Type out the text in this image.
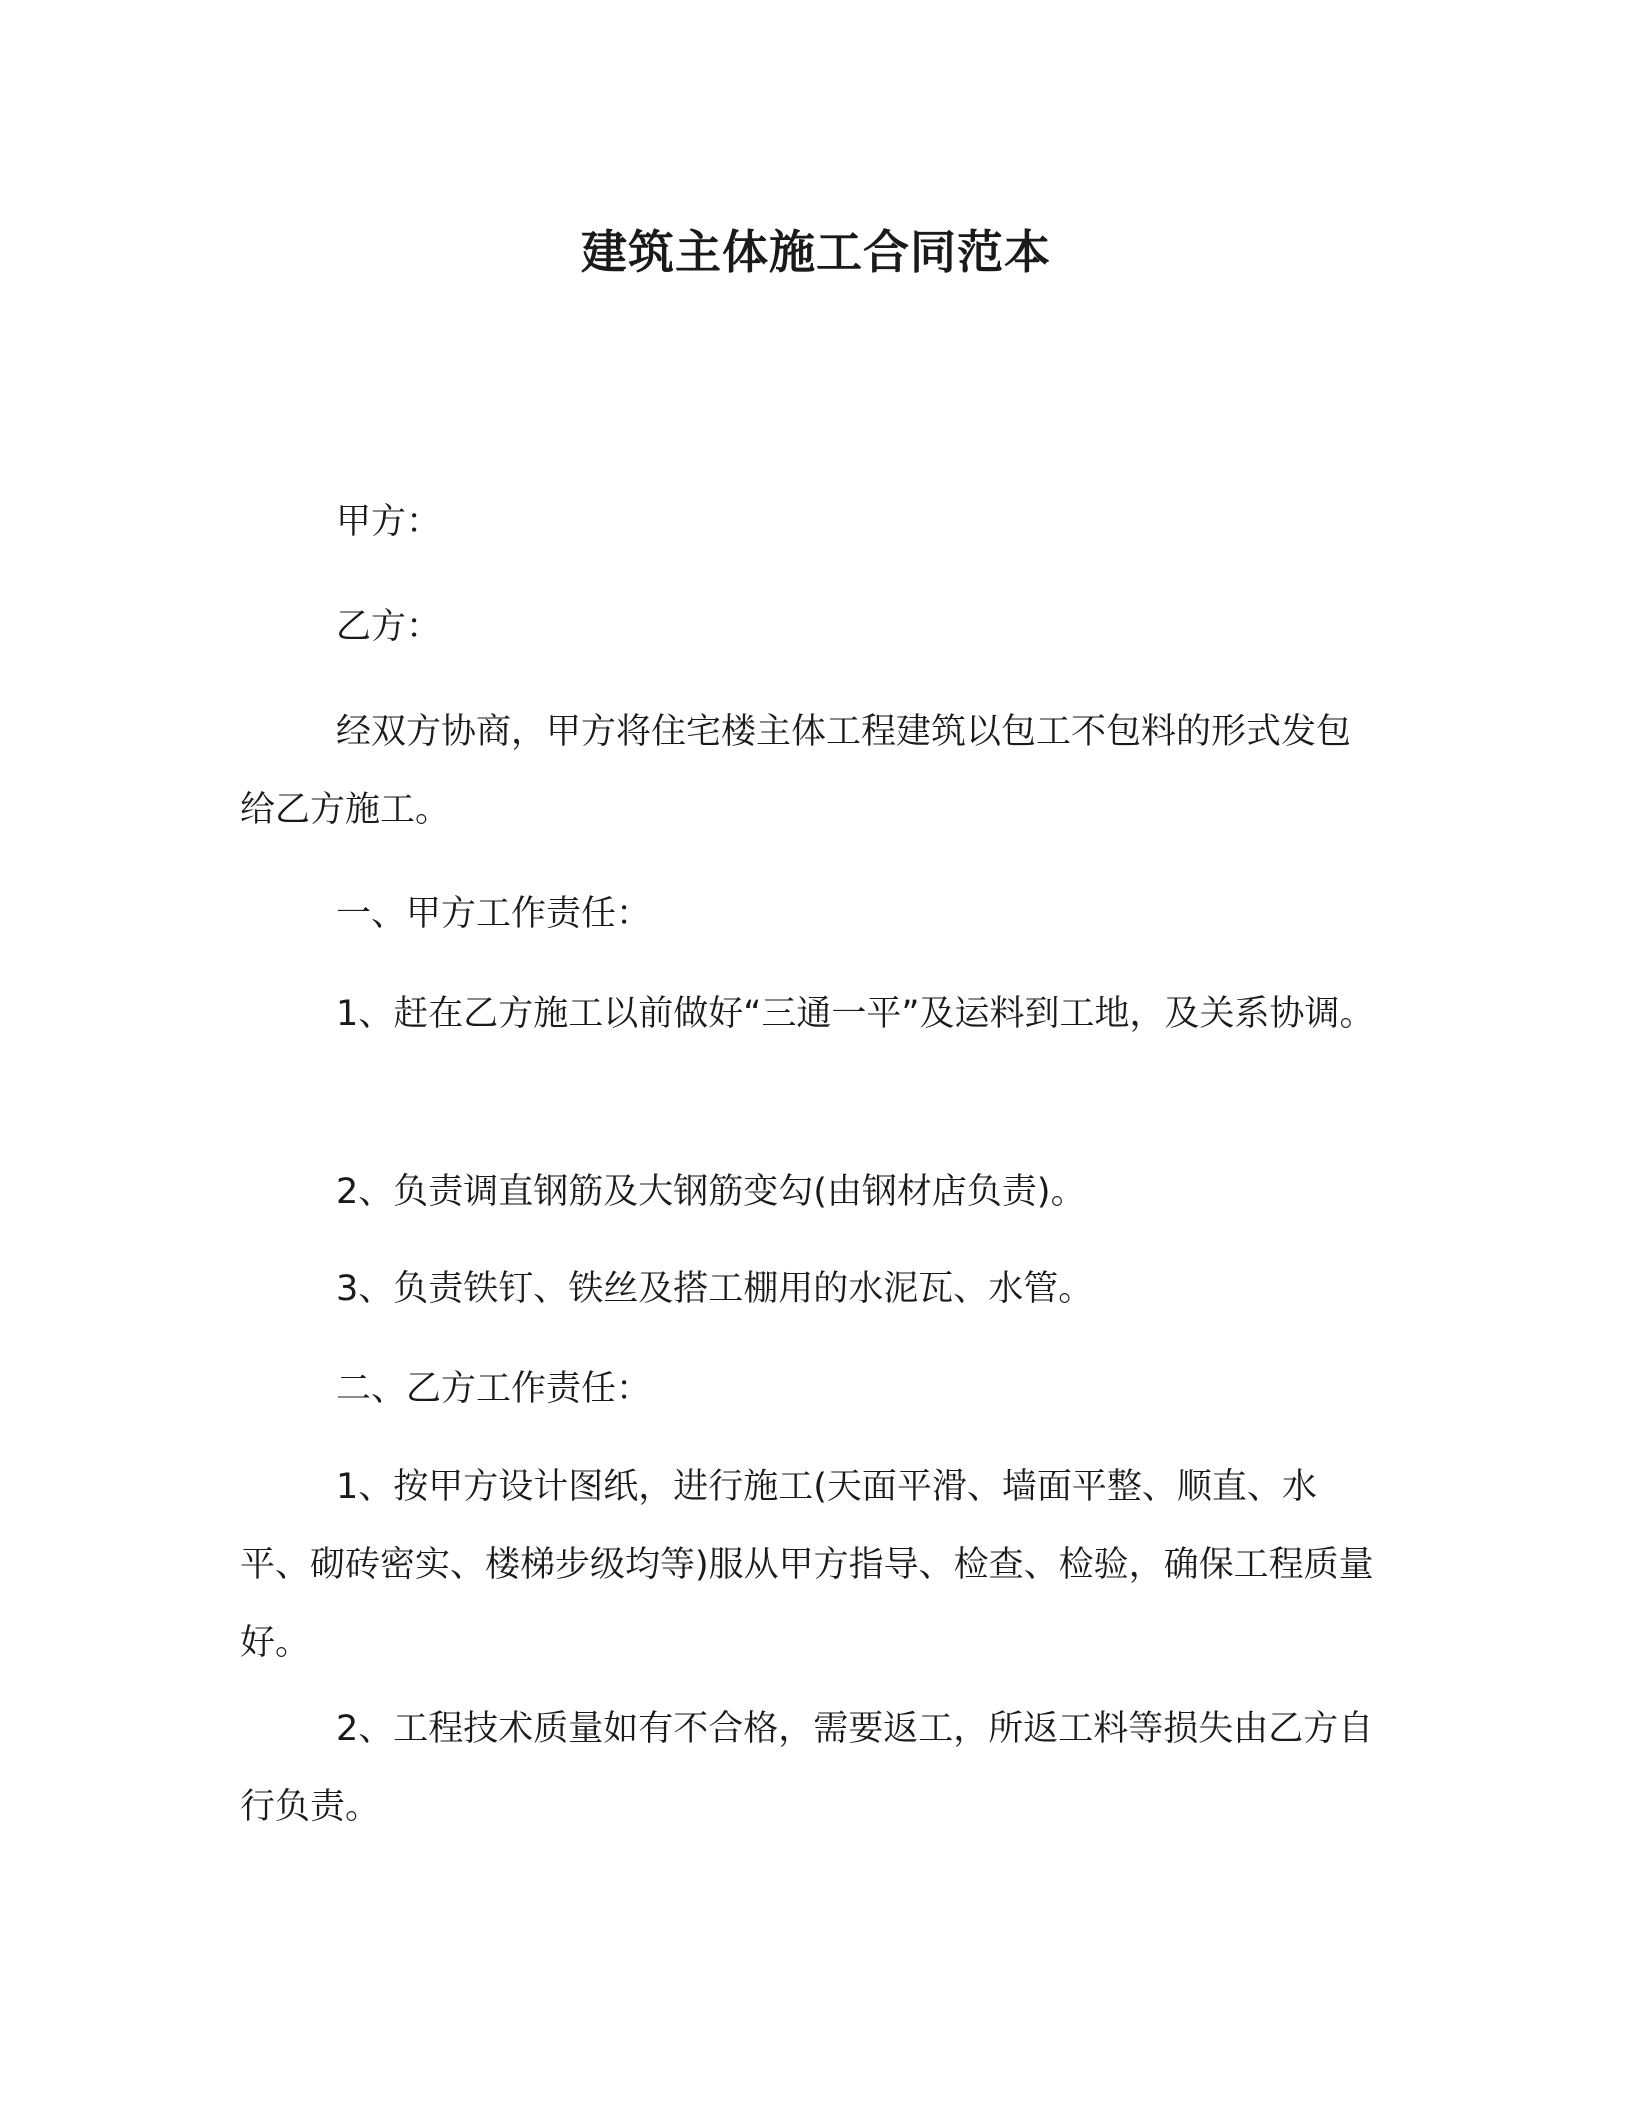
建筑主体施工合同范本

甲方：

乙方：

经双方协商，甲方将住宅楼主体工程建筑以包工不包料的形式发包给乙方施工。

一、甲方工作责任：

1、赶在乙方施工以前做好“三通一平”及运料到工地，及关系协调。

2、负责调直钢筋及大钢筋变勾(由钢材店负责)。

3、负责铁钉、铁丝及搭工棚用的水泥瓦、水管。

二、乙方工作责任：

1、按甲方设计图纸，进行施工(天面平滑、墙面平整、顺直、水平、砌砖密实、楼梯步级均等)服从甲方指导、检查、检验，确保工程质量好。

2、工程技术质量如有不合格，需要返工，所返工料等损失由乙方自行负责。
